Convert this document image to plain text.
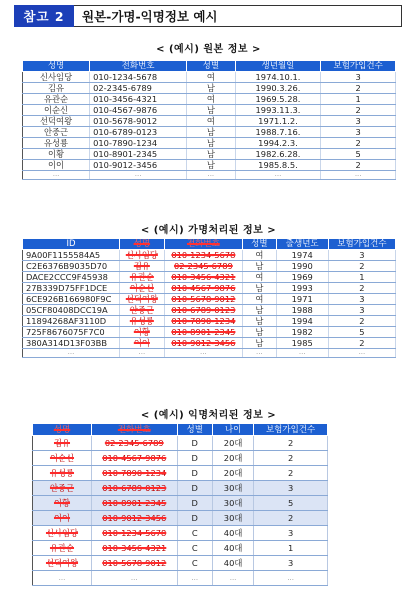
참고 2	원본-가명-익명정보 예시
< (예시) 원본 정보 >
성명	전화번호	성별	생년월일	보험가입건수
신사임당	010-1234-5678	여	1974.10.1.	3
김유	02-2345-6789	남	1990.3.26.	2
유관순	010-3456-4321	여	1969.5.28.	1
이순신	010-4567-9876	남	1993.11.3.	2
선덕여왕	010-5678-9012	여	1971.1.2.	3
안중근	010-6789-0123	남	1988.7.16.	3
유성룡	010-7890-1234	남	1994.2.3.	2
이황	010-8901-2345	남	1982.6.28.	5
이이	010-9012-3456	남	1985.8.5.	2
...	...	...	...	...
< (예시) 가명처리된 정보 >
ID	성명	전화번호	성별	출생년도	보험가입건수
9A00F1155584A5	신사임당	010-1234-5678	여	1974	3
C2E6376B9035D70	김유	02-2345-6789	남	1990	2
DACE2CCC9F45938	유관순	010-3456-4321	여	1969	1
27B339D75FF1DCE	이순신	010-4567-9876	남	1993	2
6CE926B166980F9C	선덕여왕	010-5678-9012	여	1971	3
05CF80408DCC19A	안중근	010-6789-0123	남	1988	3
11894268AF3110D	유성룡	010-7890-1234	남	1994	2
725F8676075F7C0	이황	010-8901-2345	남	1982	5
380A314D13F03BB	이이	010-9012-3456	남	1985	2
...	...	...	...	...	...
< (예시) 익명처리된 정보 >
성명	전화번호	성별	나이	보험가입건수
김유	02-2345-6789	D	20대	2
이순신	010-4567-9876	D	20대	2
유성룡	010-7890-1234	D	20대	2
안중근	010-6789-0123	D	30대	3
이황	010-8901-2345	D	30대	5
이이	010-9012-3456	D	30대	2
신사임당	010-1234-5678	C	40대	3
유관순	010-3456-4321	C	40대	1
선덕여왕	010-5678-9012	C	40대	3
...	...	...	...	...
